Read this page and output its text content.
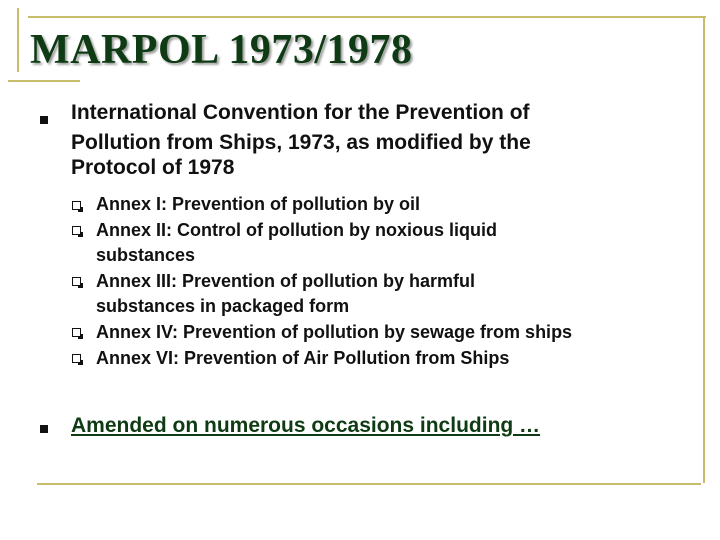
MARPOL 1973/1978
International Convention for the Prevention of
Pollution from Ships, 1973, as modified by the
Protocol of 1978
Annex I: Prevention of pollution by oil
Annex II: Control of pollution by noxious liquid
substances
Annex III: Prevention of pollution by harmful
substances in packaged form
Annex IV: Prevention of pollution by sewage from ships
Annex VI: Prevention of Air Pollution from Ships
Amended on numerous occasions including …
